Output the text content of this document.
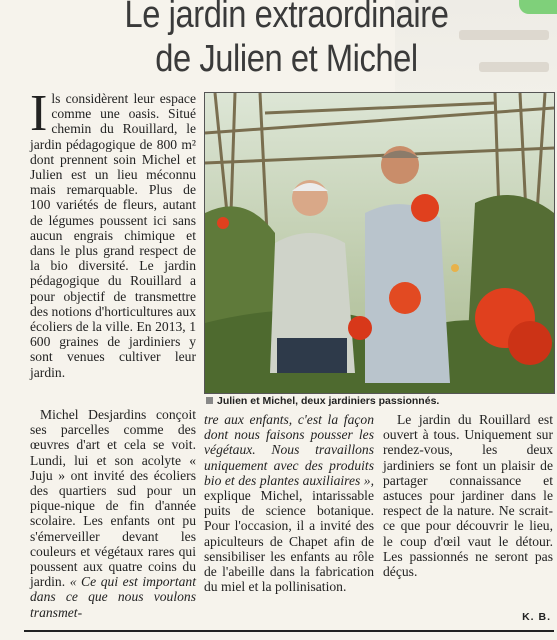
Le jardin extraordinaire
de Julien et Michel
I ls considèrent leur espace comme une oasis. Situé chemin du Rouillard, le jardin pédagogique de 800 m² dont prennent soin Michel et Julien est un lieu méconnu mais remarquable. Plus de 100 variétés de fleurs, autant de légumes poussent ici sans aucun engrais chimique et dans le plus grand respect de la bio diversité. Le jardin pédagogique du Rouillard a pour objectif de transmettre des notions d'horticultures aux écoliers de la ville. En 2013, 1 600 graines de jardiniers y sont venues cultiver leur jardin.

Michel Desjardins conçoit ses parcelles comme des œuvres d'art et cela se voit. Lundi, lui et son acolyte « Juju » ont invité des écoliers des quartiers sud pour un pique-nique de fin d'année scolaire. Les enfants ont pu s'émerveiller devant les couleurs et végétaux rares qui poussent aux quatre coins du jardin. « Ce qui est important dans ce que nous voulons transmet-

tre aux enfants, c'est la façon dont nous faisons pousser les végétaux. Nous travaillons uniquement avec des produits bio et des plantes auxiliaires », explique Michel, intarissable puits de science botanique. Pour l'occasion, il a invité des apiculteurs de Chapet afin de sensibiliser les enfants au rôle de l'abeille dans la fabrication du miel et la pollinisation.

Le jardin du Rouillard est ouvert à tous. Uniquement sur rendez-vous, les deux jardiniers se font un plaisir de partager connaissance et astuces pour jardiner dans le respect de la nature. Ne scrait-ce que pour découvrir le lieu, le coup d'œil vaut le détour. Les passionnés ne seront pas déçus.

K. B.
Julien et Michel, deux jardiniers passionnés.
